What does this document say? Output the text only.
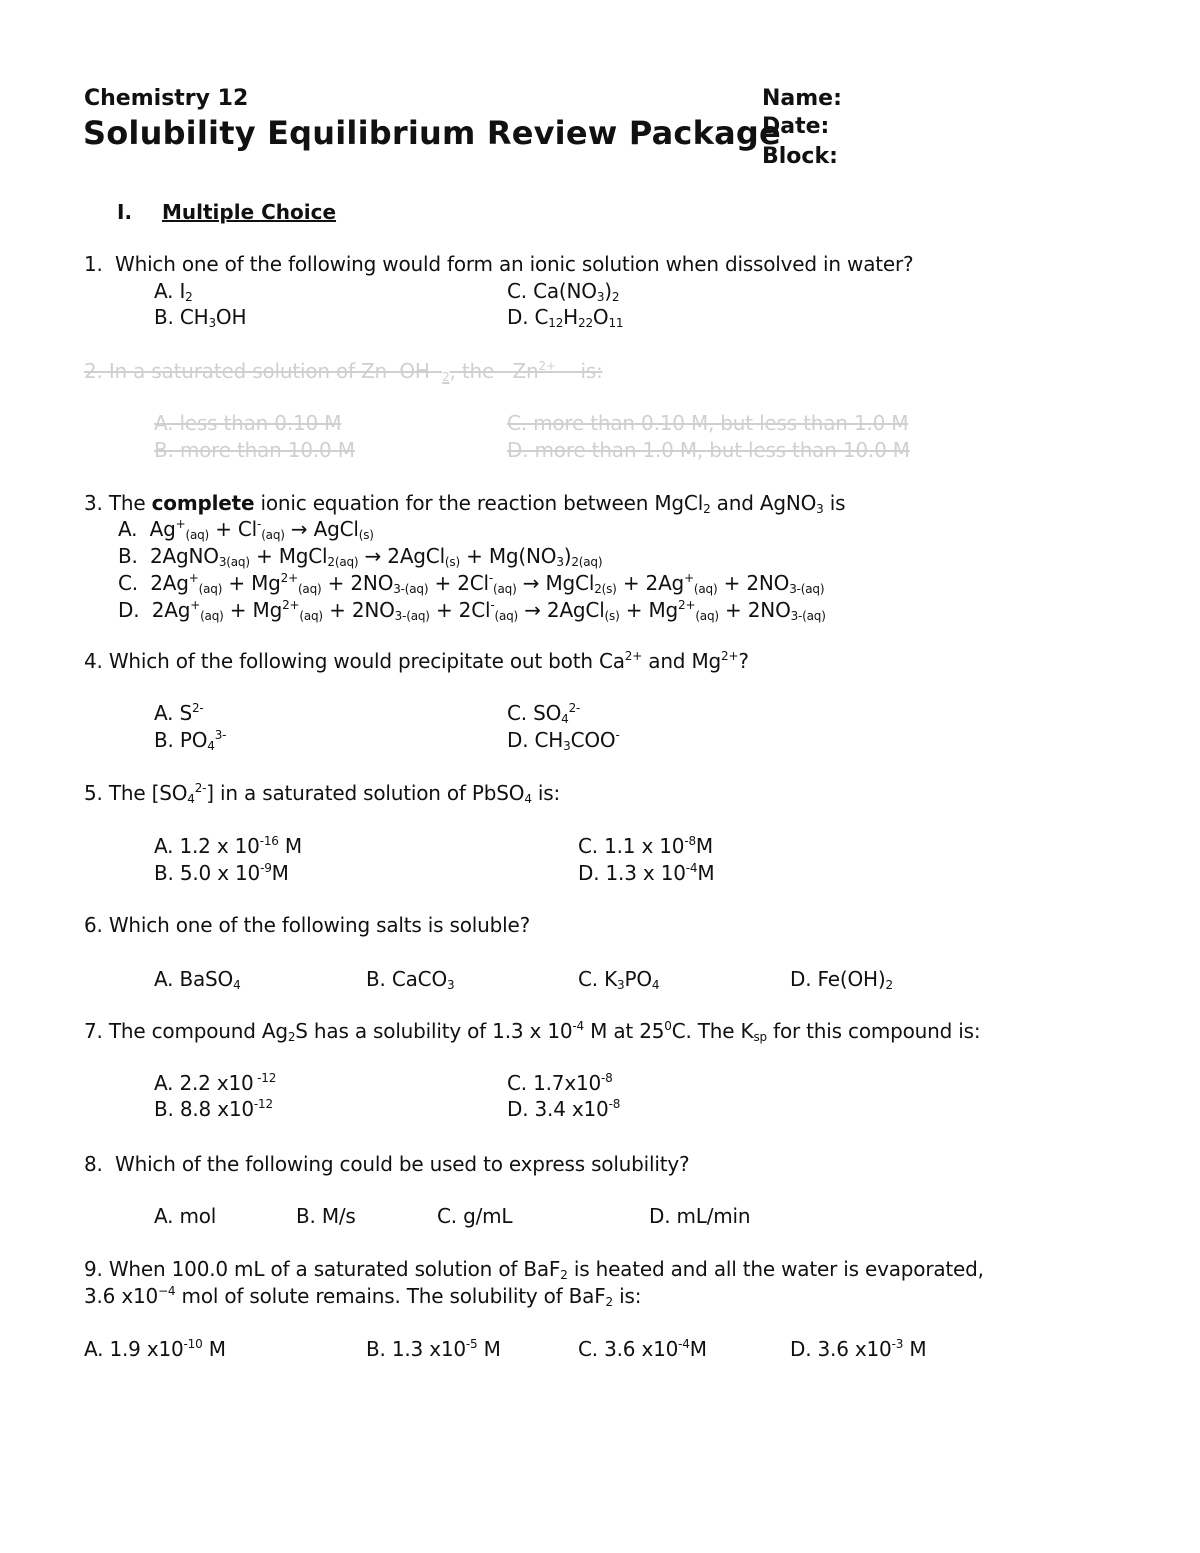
Chemistry 12
Solubility Equilibrium Review Package
Name:
Date:
Block:
I. Multiple Choice
1. Which one of the following would form an ionic solution when dissolved in water?
A. $I_2$	C. $Ca(NO_3)_2$
B. $CH_3OH$	D. $C_{12}H_{22}O_{11}$
2. In a saturated solution of Zn OH $_2$, the $Zn^{2+}$ is:
A. less than 0.10 M	C. more than 0.10 M, but less than 1.0 M
B. more than 10.0 M	D. more than 1.0 M, but less than 10.0 M
3. The complete ionic equation for the reaction between MgCl$_2$ and AgNO$_3$ is
A. $Ag^+_{(aq)} + Cl^-_{(aq)}$ → AgCl$_{(s)}$
B. 2AgNO$_{3(aq)}$ + MgCl$_{2(aq)}$ → 2AgCl$_{(s)}$ + $Mg(NO_3)_{2(aq)}$
C. $2Ag^+_{(aq)} + Mg^{2+}_{(aq)} + 2NO_{3-(aq)} + 2Cl^-_{(aq)}$ → MgCl$_{2(s)}$ + $2Ag^+_{(aq)} + 2NO_{3-(aq)}$
D. $2Ag^+_{(aq)} + Mg^{2+}_{(aq)} + 2NO_{3-(aq)} + 2Cl^-_{(aq)}$ → 2AgCl$_{(s)}$ + $Mg^{2+}_{(aq)} + 2NO_{3-(aq)}$
4. Which of the following would precipitate out both $Ca^{2+}$ and $Mg^{2+}$?
A. $S^{2-}$	C. $SO_4^{2-}$
B. $PO_4^{3-}$	D. $CH_3COO^-$
5. The $[SO_4^{2-}]$ in a saturated solution of PbSO$_4$ is:
A. 1.2 x $10^{-16}$ M	C. 1.1 x $10^{-8}M$
B. 5.0 x $10^{-9}M$	D. 1.3 x $10^{-4}M$
6. Which one of the following salts is soluble?
A. BaSO$_4$	B. CaCO$_3$	C. $K_3PO_4$	D. $Fe(OH)_2$
7. The compound $Ag_2S$ has a solubility of 1.3 x $10^{-4}$ M at $25^0C$. The $K_{sp}$ for this compound is:
A. 2.2 x10 $^{-12}$	C. $1.7x10^{-8}$
B. 8.8 $x10^{-12}$	D. 3.4 $x10^{-8}$
8. Which of the following could be used to express solubility?
A. mol	B. M/s	C. g/mL	D. mL/min
9. When 100.0 mL of a saturated solution of BaF$_2$ is heated and all the water is evaporated,
3.6 $x10^{-4}$ mol of solute remains. The solubility of BaF$_2$ is:
A. 1.9 $x10^{-10}$ M	B. 1.3 $x10^{-5}$ M	C. 3.6 $x10^{-4}M$	D. 3.6 $x10^{-3}$ M
